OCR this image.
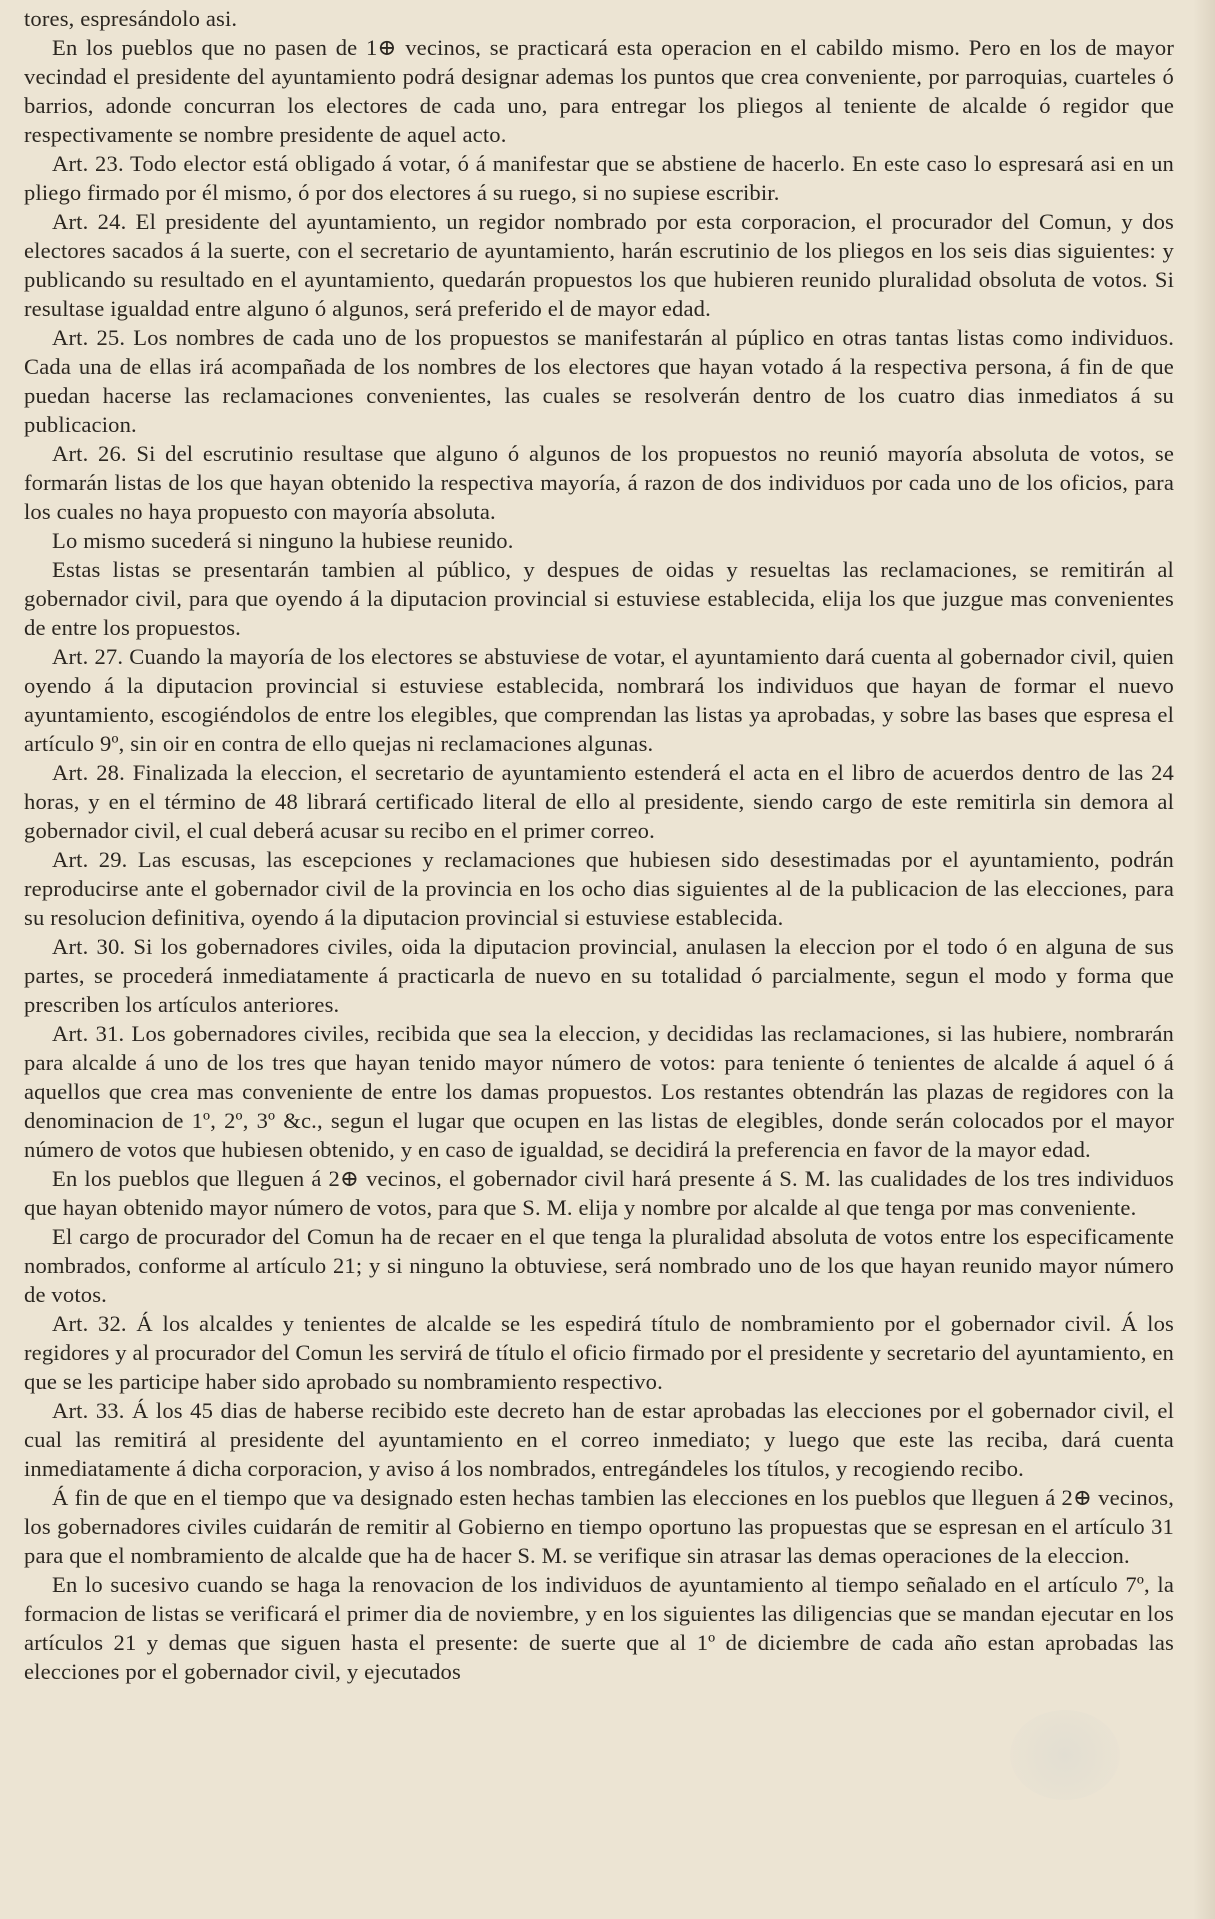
tores, espresándolo asi.

En los pueblos que no pasen de 1⊕ vecinos, se practicará esta operacion en el cabildo mismo. Pero en los de mayor vecindad el presidente del ayuntamiento podrá designar ademas los puntos que crea conveniente, por parroquias, cuarteles ó barrios, adonde concurran los electores de cada uno, para entregar los pliegos al teniente de alcalde ó regidor que respectivamente se nombre presidente de aquel acto.

Art. 23. Todo elector está obligado á votar, ó á manifestar que se abstiene de hacerlo. En este caso lo espresará asi en un pliego firmado por él mismo, ó por dos electores á su ruego, si no supiese escribir.

Art. 24. El presidente del ayuntamiento, un regidor nombrado por esta corporacion, el procurador del Comun, y dos electores sacados á la suerte, con el secretario de ayuntamiento, harán escrutinio de los pliegos en los seis dias siguientes: y publicando su resultado en el ayuntamiento, quedarán propuestos los que hubieren reunido pluralidad obsoluta de votos. Si resultase igualdad entre alguno ó algunos, será preferido el de mayor edad.

Art. 25. Los nombres de cada uno de los propuestos se manifestarán al púplico en otras tantas listas como individuos. Cada una de ellas irá acompañada de los nombres de los electores que hayan votado á la respectiva persona, á fin de que puedan hacerse las reclamaciones convenientes, las cuales se resolverán dentro de los cuatro dias inmediatos á su publicacion.

Art. 26. Si del escrutinio resultase que alguno ó algunos de los propuestos no reunió mayoría absoluta de votos, se formarán listas de los que hayan obtenido la respectiva mayoría, á razon de dos individuos por cada uno de los oficios, para los cuales no haya propuesto con mayoría absoluta.

Lo mismo sucederá si ninguno la hubiese reunido.

Estas listas se presentarán tambien al público, y despues de oidas y resueltas las reclamaciones, se remitirán al gobernador civil, para que oyendo á la diputacion provincial si estuviese establecida, elija los que juzgue mas convenientes de entre los propuestos.

Art. 27. Cuando la mayoría de los electores se abstuviese de votar, el ayuntamiento dará cuenta al gobernador civil, quien oyendo á la diputacion provincial si estuviese establecida, nombrará los individuos que hayan de formar el nuevo ayuntamiento, escogiéndolos de entre los elegibles, que comprendan las listas ya aprobadas, y sobre las bases que espresa el artículo 9º, sin oir en contra de ello quejas ni reclamaciones algunas.

Art. 28. Finalizada la eleccion, el secretario de ayuntamiento estenderá el acta en el libro de acuerdos dentro de las 24 horas, y en el término de 48 librará certificado literal de ello al presidente, siendo cargo de este remitirla sin demora al gobernador civil, el cual deberá acusar su recibo en el primer correo.

Art. 29. Las escusas, las escepciones y reclamaciones que hubiesen sido desestimadas por el ayuntamiento, podrán reproducirse ante el gobernador civil de la provincia en los ocho dias siguientes al de la publicacion de las elecciones, para su resolucion definitiva, oyendo á la diputacion provincial si estuviese establecida.

Art. 30. Si los gobernadores civiles, oida la diputacion provincial, anulasen la eleccion por el todo ó en alguna de sus partes, se procederá inmediatamente á practicarla de nuevo en su totalidad ó parcialmente, segun el modo y forma que prescriben los artículos anteriores.

Art. 31. Los gobernadores civiles, recibida que sea la eleccion, y decididas las reclamaciones, si las hubiere, nombrarán para alcalde á uno de los tres que hayan tenido mayor número de votos: para teniente ó tenientes de alcalde á aquel ó á aquellos que crea mas conveniente de entre los damas propuestos. Los restantes obtendrán las plazas de regidores con la denominacion de 1º, 2º, 3º &c., segun el lugar que ocupen en las listas de elegibles, donde serán colocados por el mayor número de votos que hubiesen obtenido, y en caso de igualdad, se decidirá la preferencia en favor de la mayor edad.

En los pueblos que lleguen á 2⊕ vecinos, el gobernador civil hará presente á S. M. las cualidades de los tres individuos que hayan obtenido mayor número de votos, para que S. M. elija y nombre por alcalde al que tenga por mas conveniente.

El cargo de procurador del Comun ha de recaer en el que tenga la pluralidad absoluta de votos entre los especificamente nombrados, conforme al artículo 21; y si ninguno la obtuviese, será nombrado uno de los que hayan reunido mayor número de votos.

Art. 32. Á los alcaldes y tenientes de alcalde se les espedirá título de nombramiento por el gobernador civil. Á los regidores y al procurador del Comun les servirá de título el oficio firmado por el presidente y secretario del ayuntamiento, en que se les participe haber sido aprobado su nombramiento respectivo.

Art. 33. Á los 45 dias de haberse recibido este decreto han de estar aprobadas las elecciones por el gobernador civil, el cual las remitirá al presidente del ayuntamiento en el correo inmediato; y luego que este las reciba, dará cuenta inmediatamente á dicha corporacion, y aviso á los nombrados, entregándeles los títulos, y recogiendo recibo.

Á fin de que en el tiempo que va designado esten hechas tambien las elecciones en los pueblos que lleguen á 2⊕ vecinos, los gobernadores civiles cuidarán de remitir al Gobierno en tiempo oportuno las propuestas que se espresan en el artículo 31 para que el nombramiento de alcalde que ha de hacer S. M. se verifique sin atrasar las demas operaciones de la eleccion.

En lo sucesivo cuando se haga la renovacion de los individuos de ayuntamiento al tiempo señalado en el artículo 7º, la formacion de listas se verificará el primer dia de noviembre, y en los siguientes las diligencias que se mandan ejecutar en los artículos 21 y demas que siguen hasta el presente: de suerte que al 1º de diciembre de cada año estan aprobadas las elecciones por el gobernador civil, y ejecutados
